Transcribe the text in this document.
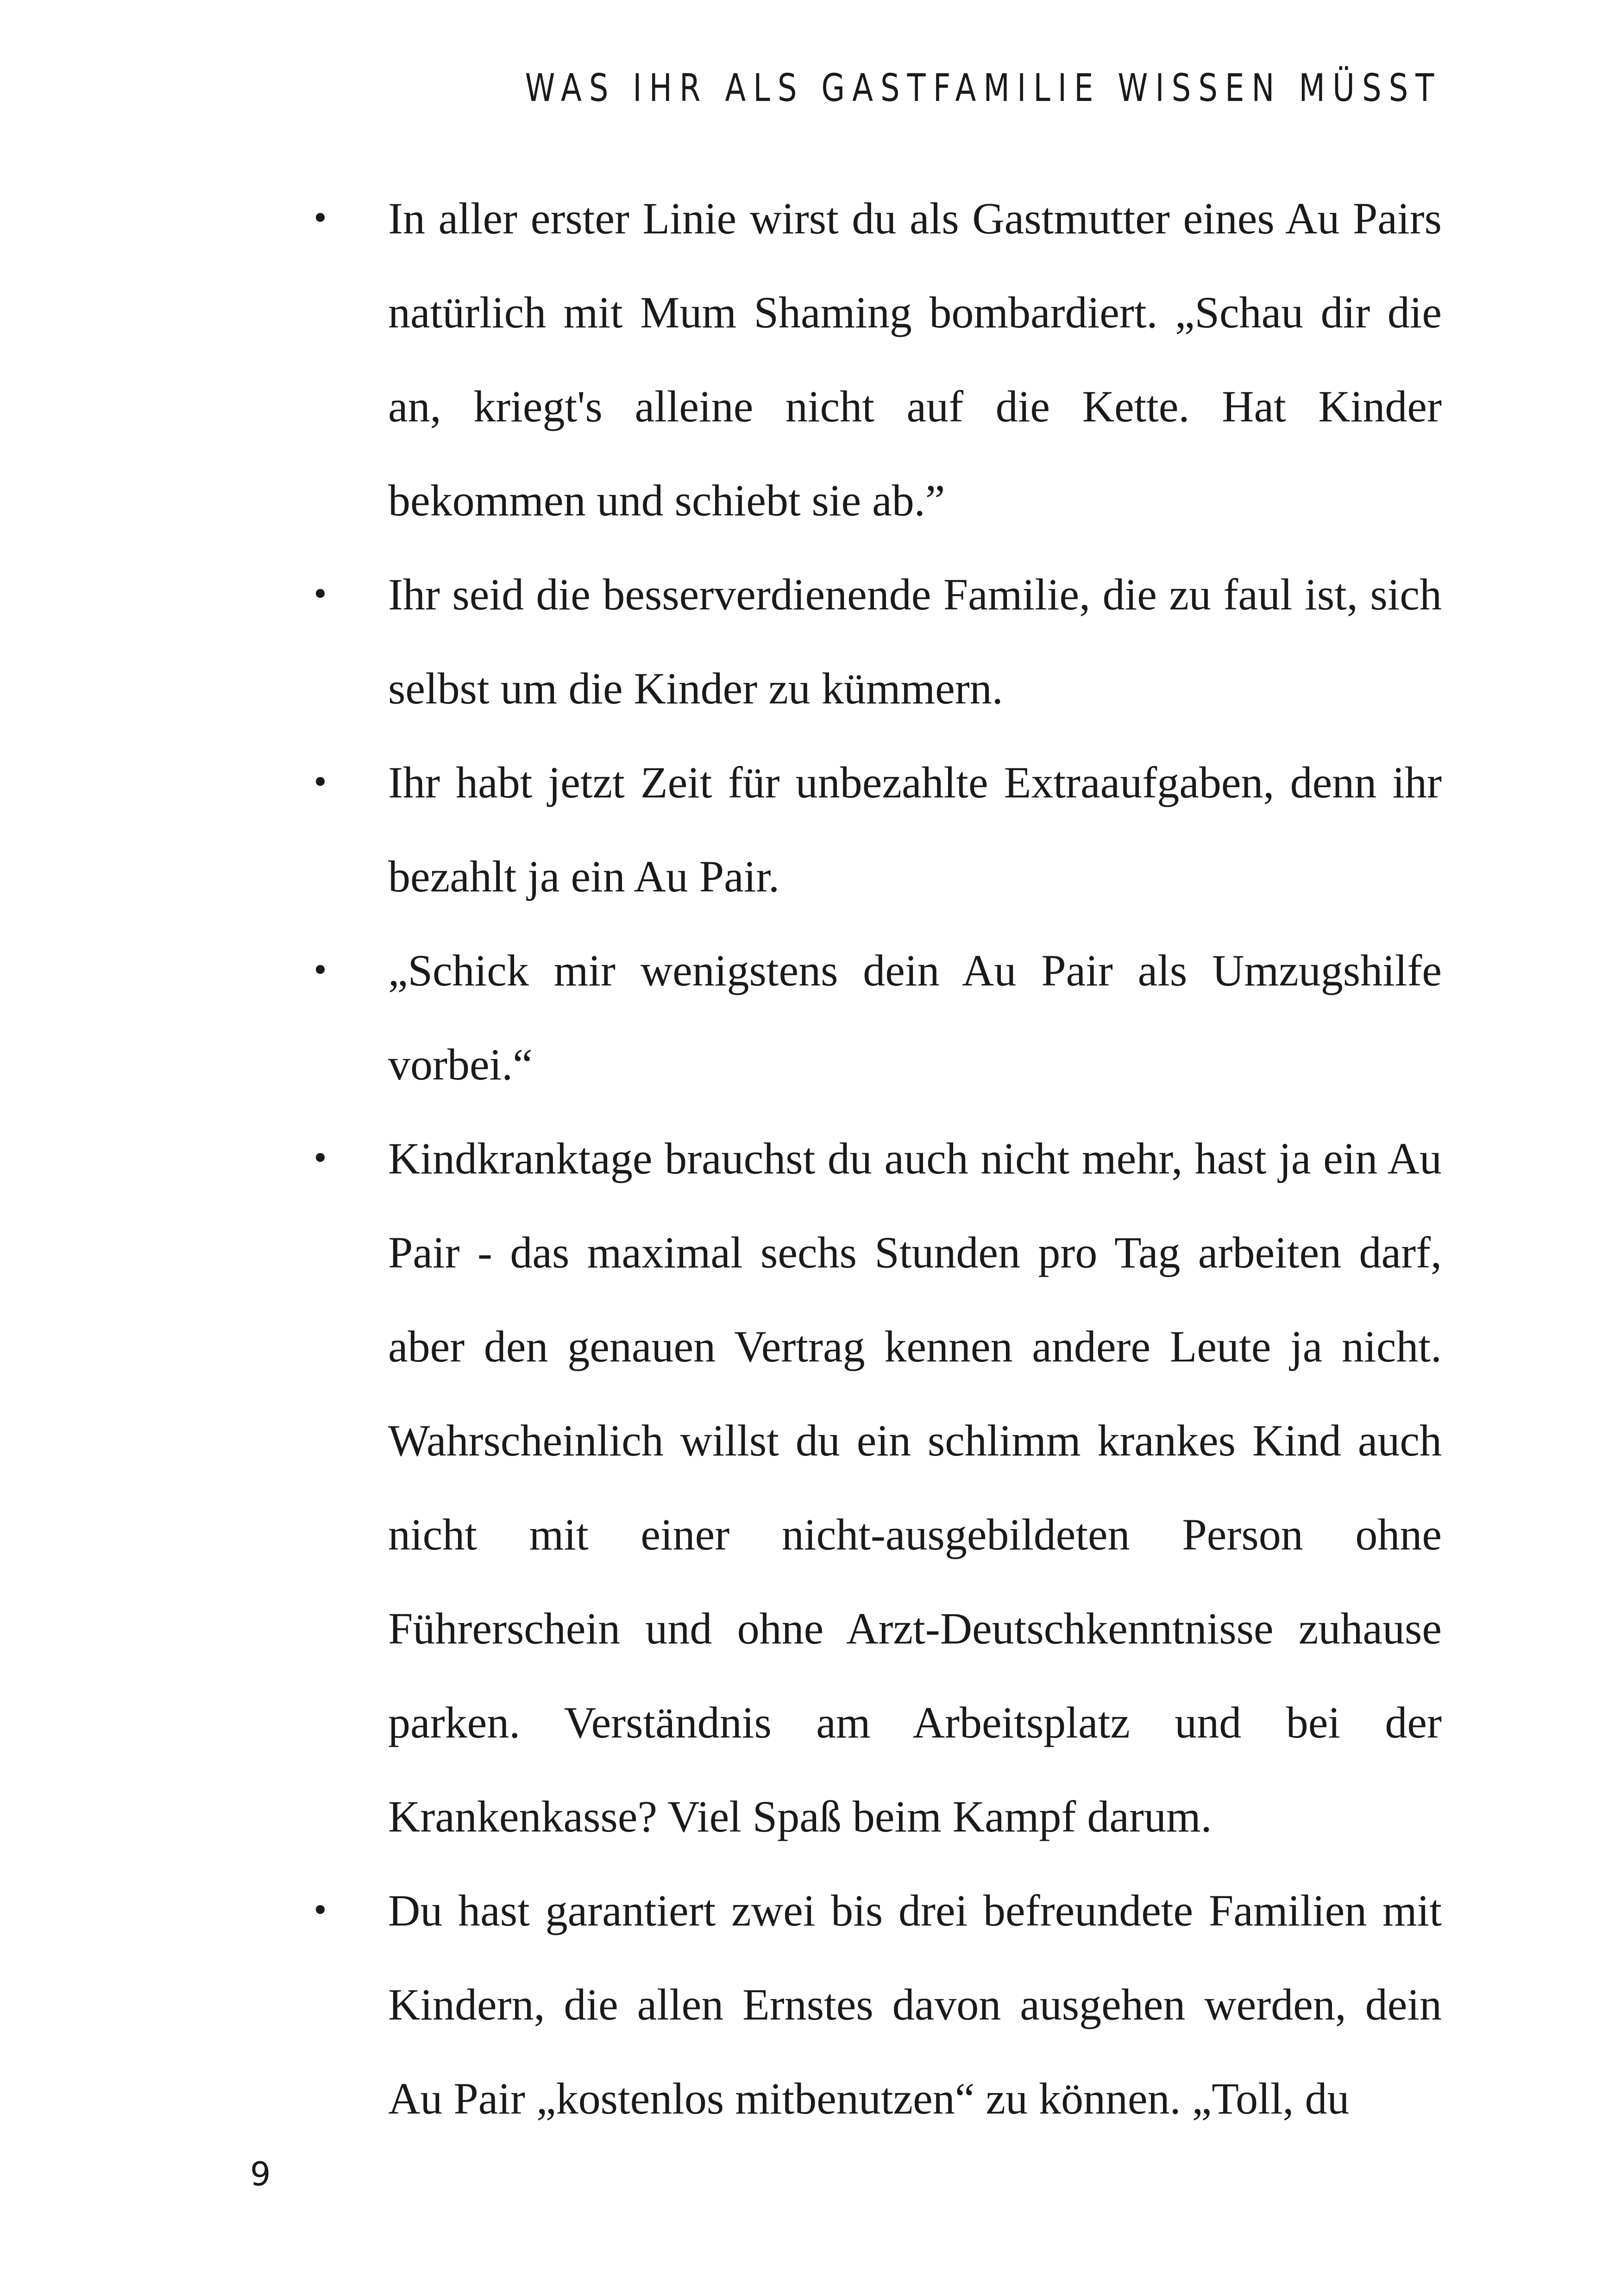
WAS IHR ALS GASTFAMILIE WISSEN MÜSST
• In aller erster Linie wirst du als Gastmutter eines Au Pairs natürlich mit Mum Shaming bombardiert. „Schau dir die an, kriegt's alleine nicht auf die Kette. Hat Kinder bekommen und schiebt sie ab.”
• Ihr seid die besserverdienende Familie, die zu faul ist, sich selbst um die Kinder zu kümmern.
• Ihr habt jetzt Zeit für unbezahlte Extraaufgaben, denn ihr bezahlt ja ein Au Pair.
• „Schick mir wenigstens dein Au Pair als Umzugshilfe vorbei.“
• Kindkranktage brauchst du auch nicht mehr, hast ja ein Au Pair - das maximal sechs Stunden pro Tag arbeiten darf, aber den genauen Vertrag kennen andere Leute ja nicht. Wahrscheinlich willst du ein schlimm krankes Kind auch nicht mit einer nicht-ausgebildeten Person ohne Führerschein und ohne Arzt-Deutschkenntnisse zuhause parken. Verständnis am Arbeitsplatz und bei der Krankenkasse? Viel Spaß beim Kampf darum.
• Du hast garantiert zwei bis drei befreundete Familien mit Kindern, die allen Ernstes davon ausgehen werden, dein Au Pair „kostenlos mitbenutzen“ zu können. „Toll, du
9
